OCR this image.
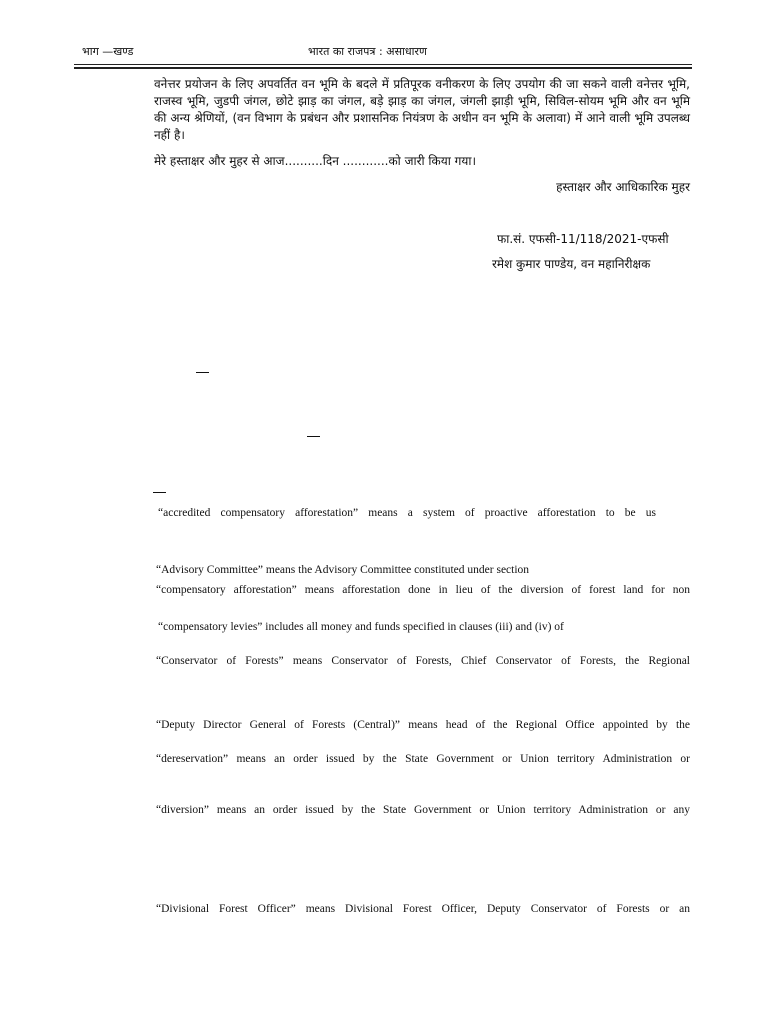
भाग —खण्ड	भारत का राजपत्र : असाधारण
वनेत्तर प्रयोजन के लिए अपवर्तित वन भूमि के बदले में प्रतिपूरक वनीकरण के लिए उपयोग की जा सकने वाली वनेत्तर भूमि, राजस्व भूमि, जुडपी जंगल, छोटे झाड़ का जंगल, बड़े झाड़ का जंगल, जंगली झाड़ी भूमि, सिविल-सोयम भूमि और वन भूमि की अन्य श्रेणियों, (वन विभाग के प्रबंधन और प्रशासनिक नियंत्रण के अधीन वन भूमि के अलावा) में आने वाली भूमि उपलब्ध नहीं है।
मेरे हस्ताक्षर और मुहर से आज..........दिन ............को जारी किया गया।
हस्ताक्षर और आधिकारिक मुहर
फा.सं. एफसी-11/118/2021-एफसी
रमेश कुमार पाण्डेय, वन महानिरीक्षक
“accredited compensatory afforestation” means a system of proactive afforestation to be us
“Advisory Committee” means the Advisory Committee constituted under section
“compensatory afforestation” means afforestation done in lieu of the diversion of forest land for non
“compensatory levies” includes all money and funds specified in clauses (iii) and (iv) of
“Conservator of Forests” means Conservator of Forests, Chief Conservator of Forests, the Regional
“Deputy Director General of Forests (Central)” means head of the Regional Office appointed by the
“dereservation” means an order issued by the State Government or Union territory Administration or
“diversion” means an order issued by the State Government or Union territory Administration or any
“Divisional Forest Officer” means Divisional Forest Officer, Deputy Conservator of Forests or an
